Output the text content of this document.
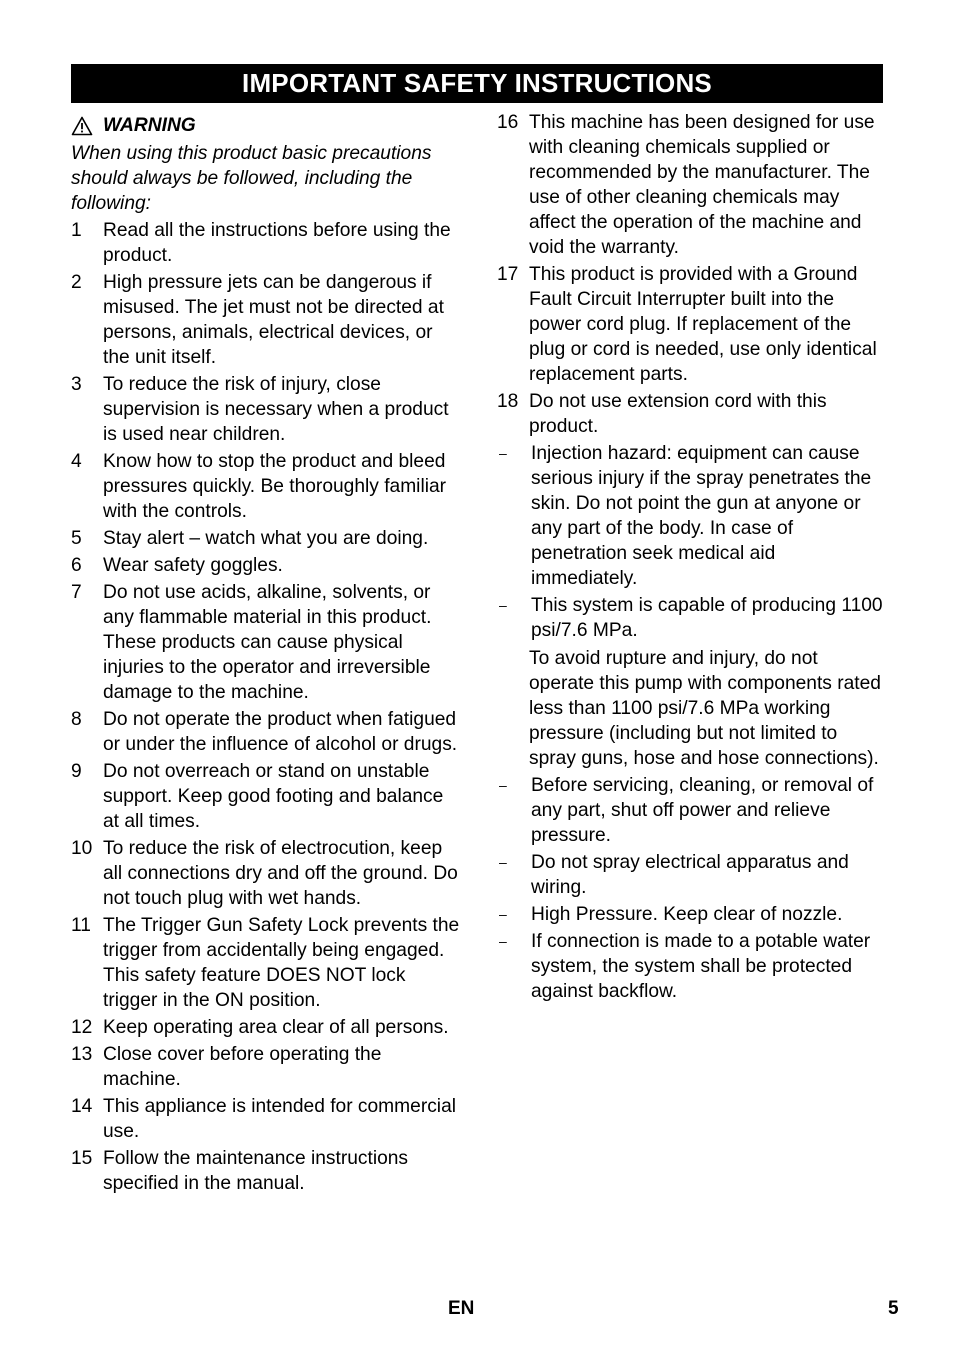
IMPORTANT SAFETY INSTRUCTIONS
WARNING

When using this product basic precautions should always be followed, including the following:

1	Read all the instructions before using the product.
2	High pressure jets can be dangerous if misused. The jet must not be directed at persons, animals, electrical devices, or the unit itself.
3	To reduce the risk of injury, close supervision is necessary when a product is used near children.
4	Know how to stop the product and bleed pressures quickly. Be thoroughly familiar with the controls.
5	Stay alert – watch what you are doing.
6	Wear safety goggles.
7	Do not use acids, alkaline, solvents, or any flammable material in this product. These products can cause physical injuries to the operator and irreversible damage to the machine.
8	Do not operate the product when fatigued or under the influence of alcohol or drugs.
9	Do not overreach or stand on unstable support. Keep good footing and balance at all times.
10 To reduce the risk of electrocution, keep all connections dry and off the ground. Do not touch plug with wet hands.
11 The Trigger Gun Safety Lock prevents the trigger from accidentally being engaged. This safety feature DOES NOT lock trigger in the ON position.
12 Keep operating area clear of all persons.
13 Close cover before operating the machine.
14 This appliance is intended for commercial use.
15 Follow the maintenance instructions specified in the manual.
16 This machine has been designed for use with cleaning chemicals supplied or recommended by the manufacturer. The use of other cleaning chemicals may affect the operation of the machine and void the warranty.
17 This product is provided with a Ground Fault Circuit Interrupter built into the power cord plug. If replacement of the plug or cord is needed, use only identical replacement parts.
18 Do not use extension cord with this product.
–	Injection hazard: equipment can cause serious injury if the spray penetrates the skin. Do not point the gun at anyone or any part of the body. In case of penetration seek medical aid immediately.
–	This system is capable of producing 1100 psi/7.6 MPa.
To avoid rupture and injury, do not operate this pump with components rated less than 1100 psi/7.6 MPa working pressure (including but not limited to spray guns, hose and hose connections).
–	Before servicing, cleaning, or removal of any part, shut off power and relieve pressure.
–	Do not spray electrical apparatus and wiring.
–	High Pressure. Keep clear of nozzle.
–	If connection is made to a potable water system, the system shall be protected against backflow.
EN	5
